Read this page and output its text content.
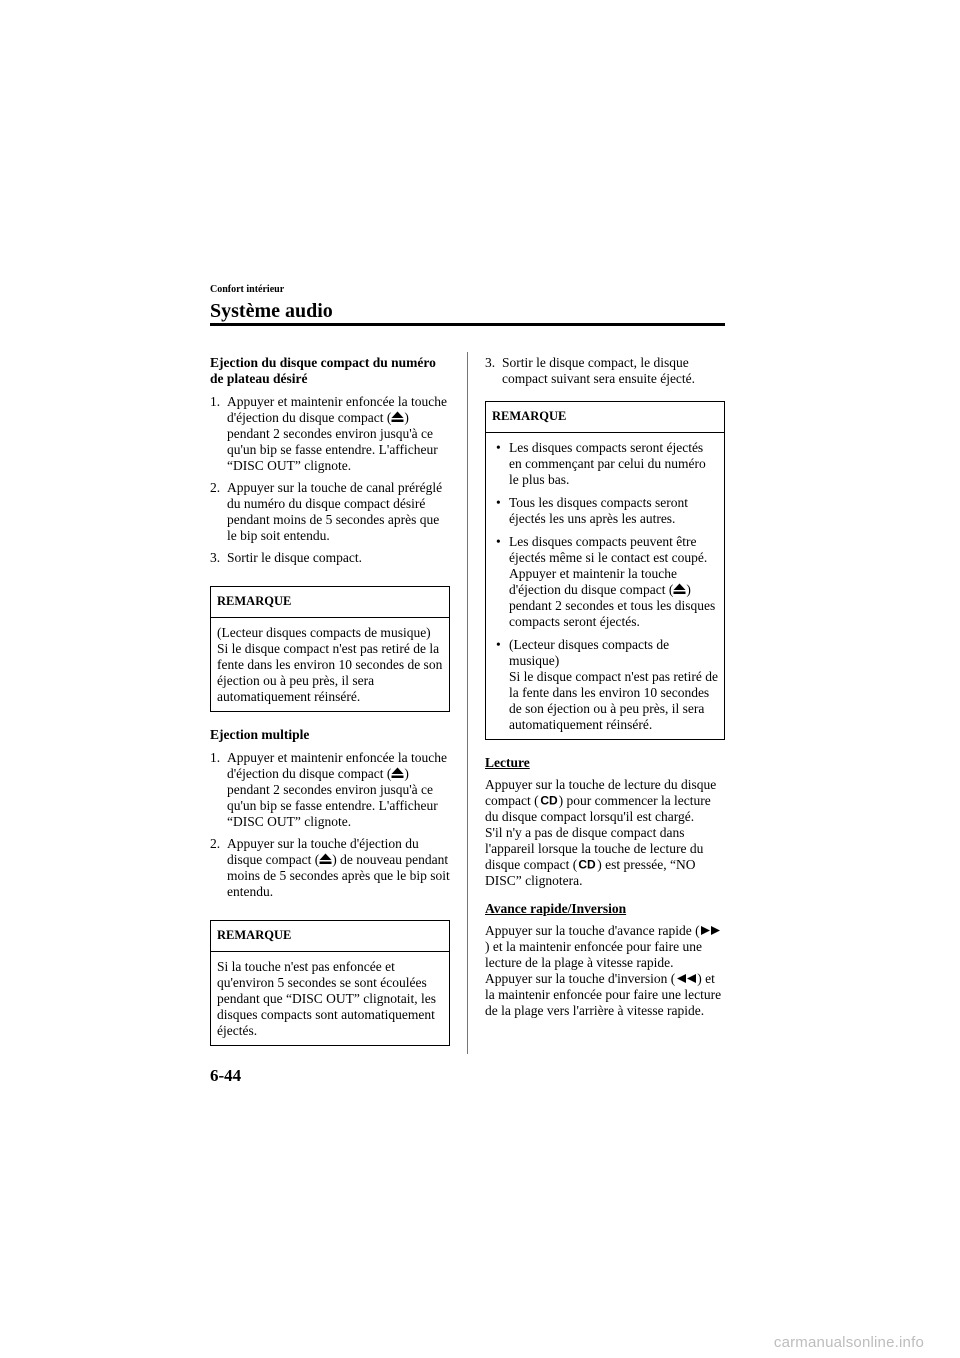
Confort intérieur
Système audio
Ejection du disque compact du numéro de plateau désiré
1. Appuyer et maintenir enfoncée la touche d'éjection du disque compact ( ) pendant 2 secondes environ jusqu'à ce qu'un bip se fasse entendre. L'afficheur “DISC OUT” clignote.
2. Appuyer sur la touche de canal préréglé du numéro du disque compact désiré pendant moins de 5 secondes après que le bip soit entendu.
3. Sortir le disque compact.
REMARQUE
(Lecteur disques compacts de musique) Si le disque compact n'est pas retiré de la fente dans les environ 10 secondes de son éjection ou à peu près, il sera automatiquement réinséré.
Ejection multiple
1. Appuyer et maintenir enfoncée la touche d'éjection du disque compact ( ) pendant 2 secondes environ jusqu'à ce qu'un bip se fasse entendre. L'afficheur “DISC OUT” clignote.
2. Appuyer sur la touche d'éjection du disque compact ( ) de nouveau pendant moins de 5 secondes après que le bip soit entendu.
REMARQUE
Si la touche n'est pas enfoncée et qu'environ 5 secondes se sont écoulées pendant que “DISC OUT” clignotait, les disques compacts sont automatiquement éjectés.
3. Sortir le disque compact, le disque compact suivant sera ensuite éjecté.
REMARQUE
• Les disques compacts seront éjectés en commençant par celui du numéro le plus bas.
• Tous les disques compacts seront éjectés les uns après les autres.
• Les disques compacts peuvent être éjectés même si le contact est coupé. Appuyer et maintenir la touche d'éjection du disque compact ( ) pendant 2 secondes et tous les disques compacts seront éjectés.
• (Lecteur disques compacts de musique)
Si le disque compact n'est pas retiré de la fente dans les environ 10 secondes de son éjection ou à peu près, il sera automatiquement réinséré.
Lecture

Appuyer sur la touche de lecture du disque compact ( CD ) pour commencer la lecture du disque compact lorsqu'il est chargé.

S'il n'y a pas de disque compact dans l'appareil lorsque la touche de lecture du disque compact ( CD ) est pressée, “NO DISC” clignotera.

Avance rapide/Inversion

Appuyer sur la touche d'avance rapide (
) et la maintenir enfoncée pour faire une lecture de la plage à vitesse rapide.

Appuyer sur la touche d'inversion ( ) et la maintenir enfoncée pour faire une lecture de la plage vers l'arrière à vitesse rapide.

6-44
carmanualsonline.info
